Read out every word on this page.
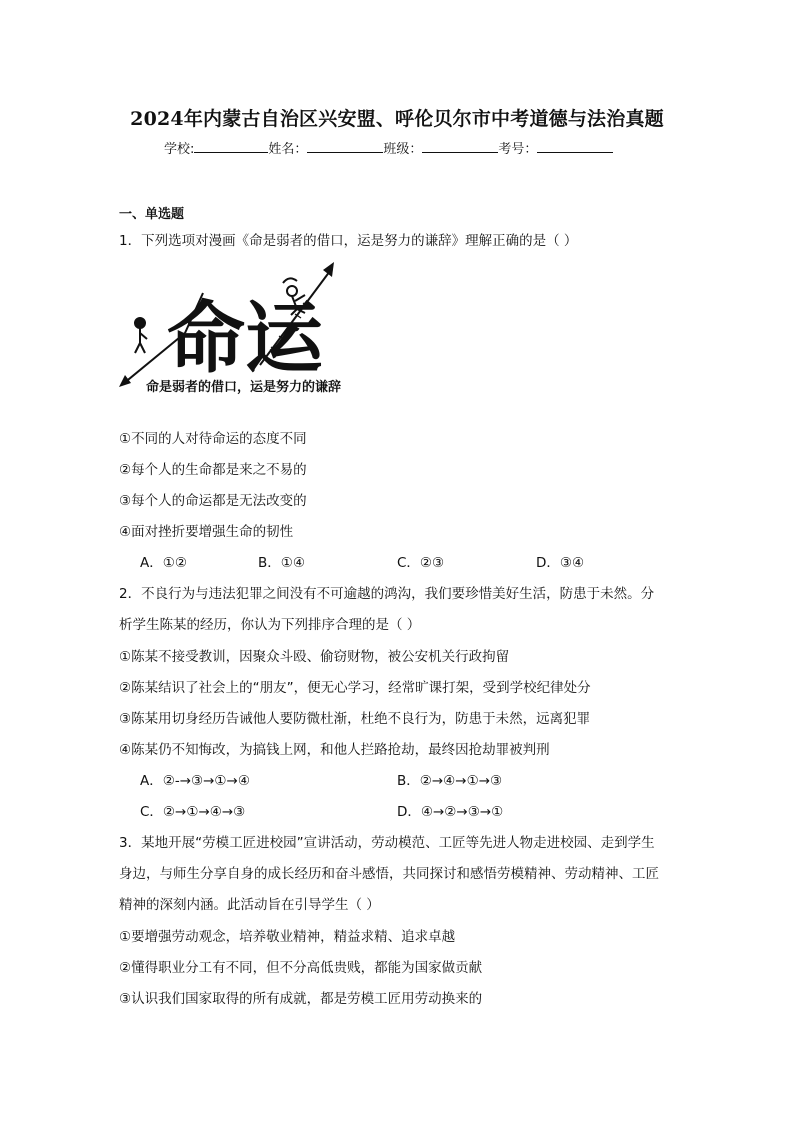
2024年内蒙古自治区兴安盟、呼伦贝尔市中考道德与法治真题
学校:	姓名：	班级：	考号：
一、单选题
1．下列选项对漫画《命是弱者的借口，运是努力的谦辞》理解正确的是（ ）
命运
命是弱者的借口，运是努力的谦辞
①不同的人对待命运的态度不同
②每个人的生命都是来之不易的
③每个人的命运都是无法改变的
④面对挫折要增强生命的韧性
A．①②	B．①④	C．②③	D．③④
2．不良行为与违法犯罪之间没有不可逾越的鸿沟，我们要珍惜美好生活，防患于未然。分
析学生陈某的经历，你认为下列排序合理的是（ ）
①陈某不接受教训，因聚众斗殴、偷窃财物，被公安机关行政拘留
②陈某结识了社会上的“朋友”，便无心学习，经常旷课打架，受到学校纪律处分
③陈某用切身经历告诫他人要防微杜渐，杜绝不良行为，防患于未然，远离犯罪
④陈某仍不知悔改，为搞钱上网，和他人拦路抢劫，最终因抢劫罪被判刑
A．②-→③→①→④	B．②→④→①→③
C．②→①→④→③	D．④→②→③→①
3．某地开展“劳模工匠进校园”宣讲活动，劳动模范、工匠等先进人物走进校园、走到学生
身边，与师生分享自身的成长经历和奋斗感悟，共同探讨和感悟劳模精神、劳动精神、工匠
精神的深刻内涵。此活动旨在引导学生（ ）
①要增强劳动观念，培养敬业精神，精益求精、追求卓越
②懂得职业分工有不同，但不分高低贵贱，都能为国家做贡献
③认识我们国家取得的所有成就，都是劳模工匠用劳动换来的
